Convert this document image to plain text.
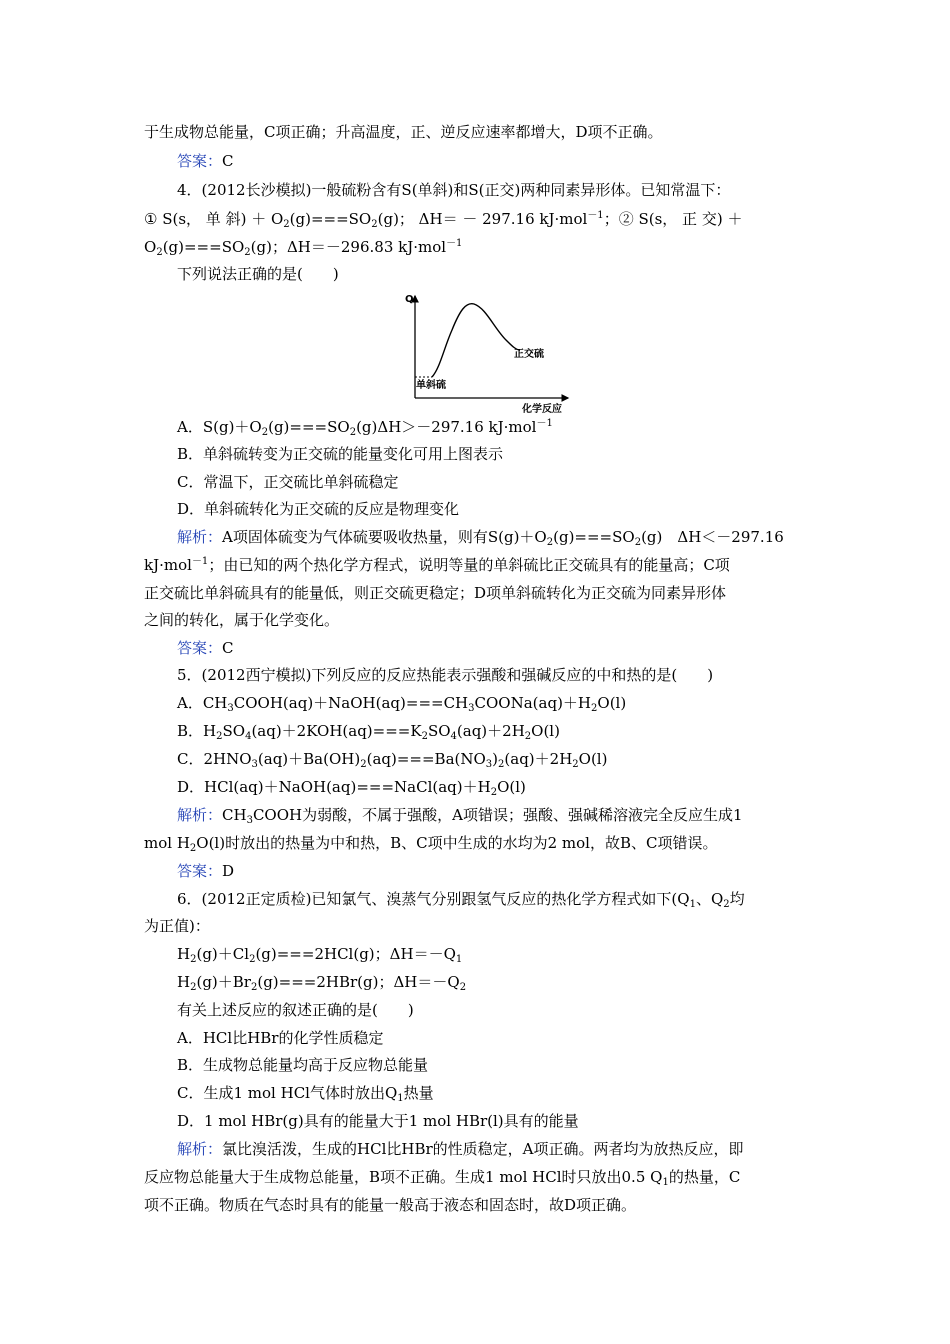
于生成物总能量，C项正确；升高温度，正、逆反应速率都增大，D项不正确。
答案：C
4．(2012长沙模拟)一般硫粉含有S(单斜)和S(正交)两种同素异形体。已知常温下：
① S(s， 单 斜) ＋ $O_2(g)===SO_2(g)$； ΔH＝ － 297.16 kJ·mol$^{-1}$；② S(s， 正 交) ＋
$O_2(g)===SO_2(g)$；ΔH＝－296.83 kJ·mol$^{-1}$
下列说法正确的是(　　)
Q
化学反应
单斜硫
正交硫
A．$S(g)+O_2(g)===SO_2(g)\Delta H>-297.16$ kJ·mol$^{-1}$
B．单斜硫转变为正交硫的能量变化可用上图表示
C．常温下，正交硫比单斜硫稳定
D．单斜硫转化为正交硫的反应是物理变化
解析：A项固体硫变为气体硫要吸收热量，则有$S(g)+O_2(g)===SO_2(g)$　ΔH＜－297.16
kJ·mol$^{-1}$；由已知的两个热化学方程式，说明等量的单斜硫比正交硫具有的能量高；C项
正交硫比单斜硫具有的能量低，则正交硫更稳定；D项单斜硫转化为正交硫为同素异形体
之间的转化，属于化学变化。
答案：C
5．(2012西宁模拟)下列反应的反应热能表示强酸和强碱反应的中和热的是(　　)
A．$CH_3COOH(aq)+NaOH(aq)===CH_3COONa(aq)+H_2O(l)$
B．$H_2SO_4(aq)+2KOH(aq)===K_2SO_4(aq)+2H_2O(l)$
C．$2HNO_3(aq)+Ba(OH)_2(aq)===Ba(NO_3)_2(aq)+2H_2O(l)$
D．$HCl(aq)+NaOH(aq)===NaCl(aq)+H_2O(l)$
解析：$CH_3COOH$为弱酸，不属于强酸，A项错误；强酸、强碱稀溶液完全反应生成1
mol $H_2O(l)$时放出的热量为中和热，B、C项中生成的水均为2 mol，故B、C项错误。
答案：D
6．(2012正定质检)已知氯气、溴蒸气分别跟氢气反应的热化学方程式如下($Q_1$、$Q_2$均
为正值)：
$H_2(g)+Cl_2(g)===2HCl(g)$；$\Delta H=-Q_1$
$H_2(g)+Br_2(g)===2HBr(g)$；$\Delta H=-Q_2$
有关上述反应的叙述正确的是(　　)
A．HCl比HBr的化学性质稳定
B．生成物总能量均高于反应物总能量
C．生成1 mol HCl气体时放出$Q_1$热量
D．1 mol HBr(g)具有的能量大于1 mol HBr(l)具有的能量
解析：氯比溴活泼，生成的HCl比HBr的性质稳定，A项正确。两者均为放热反应，即
反应物总能量大于生成物总能量，B项不正确。生成1 mol HCl时只放出0.5 $Q_1$的热量，C
项不正确。物质在气态时具有的能量一般高于液态和固态时，故D项正确。
